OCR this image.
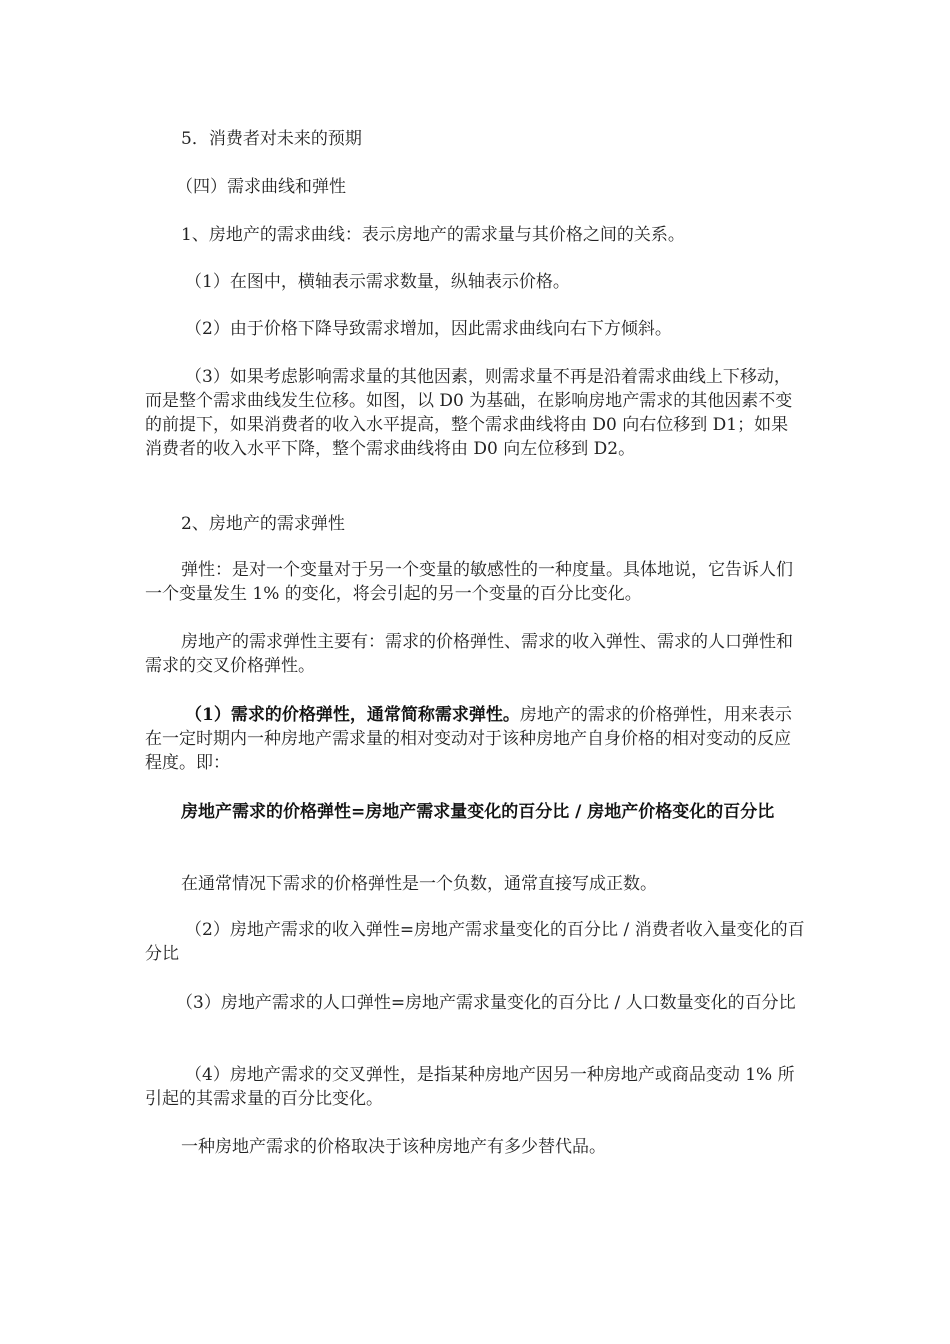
5．消费者对未来的预期

（四）需求曲线和弹性

1、房地产的需求曲线：表示房地产的需求量与其价格之间的关系。

（1）在图中，横轴表示需求数量，纵轴表示价格。

（2）由于价格下降导致需求增加，因此需求曲线向右下方倾斜。

（3）如果考虑影响需求量的其他因素，则需求量不再是沿着需求曲线上下移动，而是整个需求曲线发生位移。如图，以 D0 为基础，在影响房地产需求的其他因素不变的前提下，如果消费者的收入水平提高，整个需求曲线将由 D0 向右位移到 D1；如果消费者的收入水平下降，整个需求曲线将由 D0 向左位移到 D2。

2、房地产的需求弹性

弹性：是对一个变量对于另一个变量的敏感性的一种度量。具体地说，它告诉人们一个变量发生 1% 的变化，将会引起的另一个变量的百分比变化。

房地产的需求弹性主要有：需求的价格弹性、需求的收入弹性、需求的人口弹性和需求的交叉价格弹性。

（1）需求的价格弹性，通常简称需求弹性。房地产的需求的价格弹性，用来表示在一定时期内一种房地产需求量的相对变动对于该种房地产自身价格的相对变动的反应程度。即：

房地产需求的价格弹性=房地产需求量变化的百分比 / 房地产价格变化的百分比

在通常情况下需求的价格弹性是一个负数，通常直接写成正数。

（2）房地产需求的收入弹性=房地产需求量变化的百分比 / 消费者收入量变化的百分比

（3）房地产需求的人口弹性=房地产需求量变化的百分比 / 人口数量变化的百分比

（4）房地产需求的交叉弹性，是指某种房地产因另一种房地产或商品变动 1% 所引起的其需求量的百分比变化。

一种房地产需求的价格取决于该种房地产有多少替代品。
